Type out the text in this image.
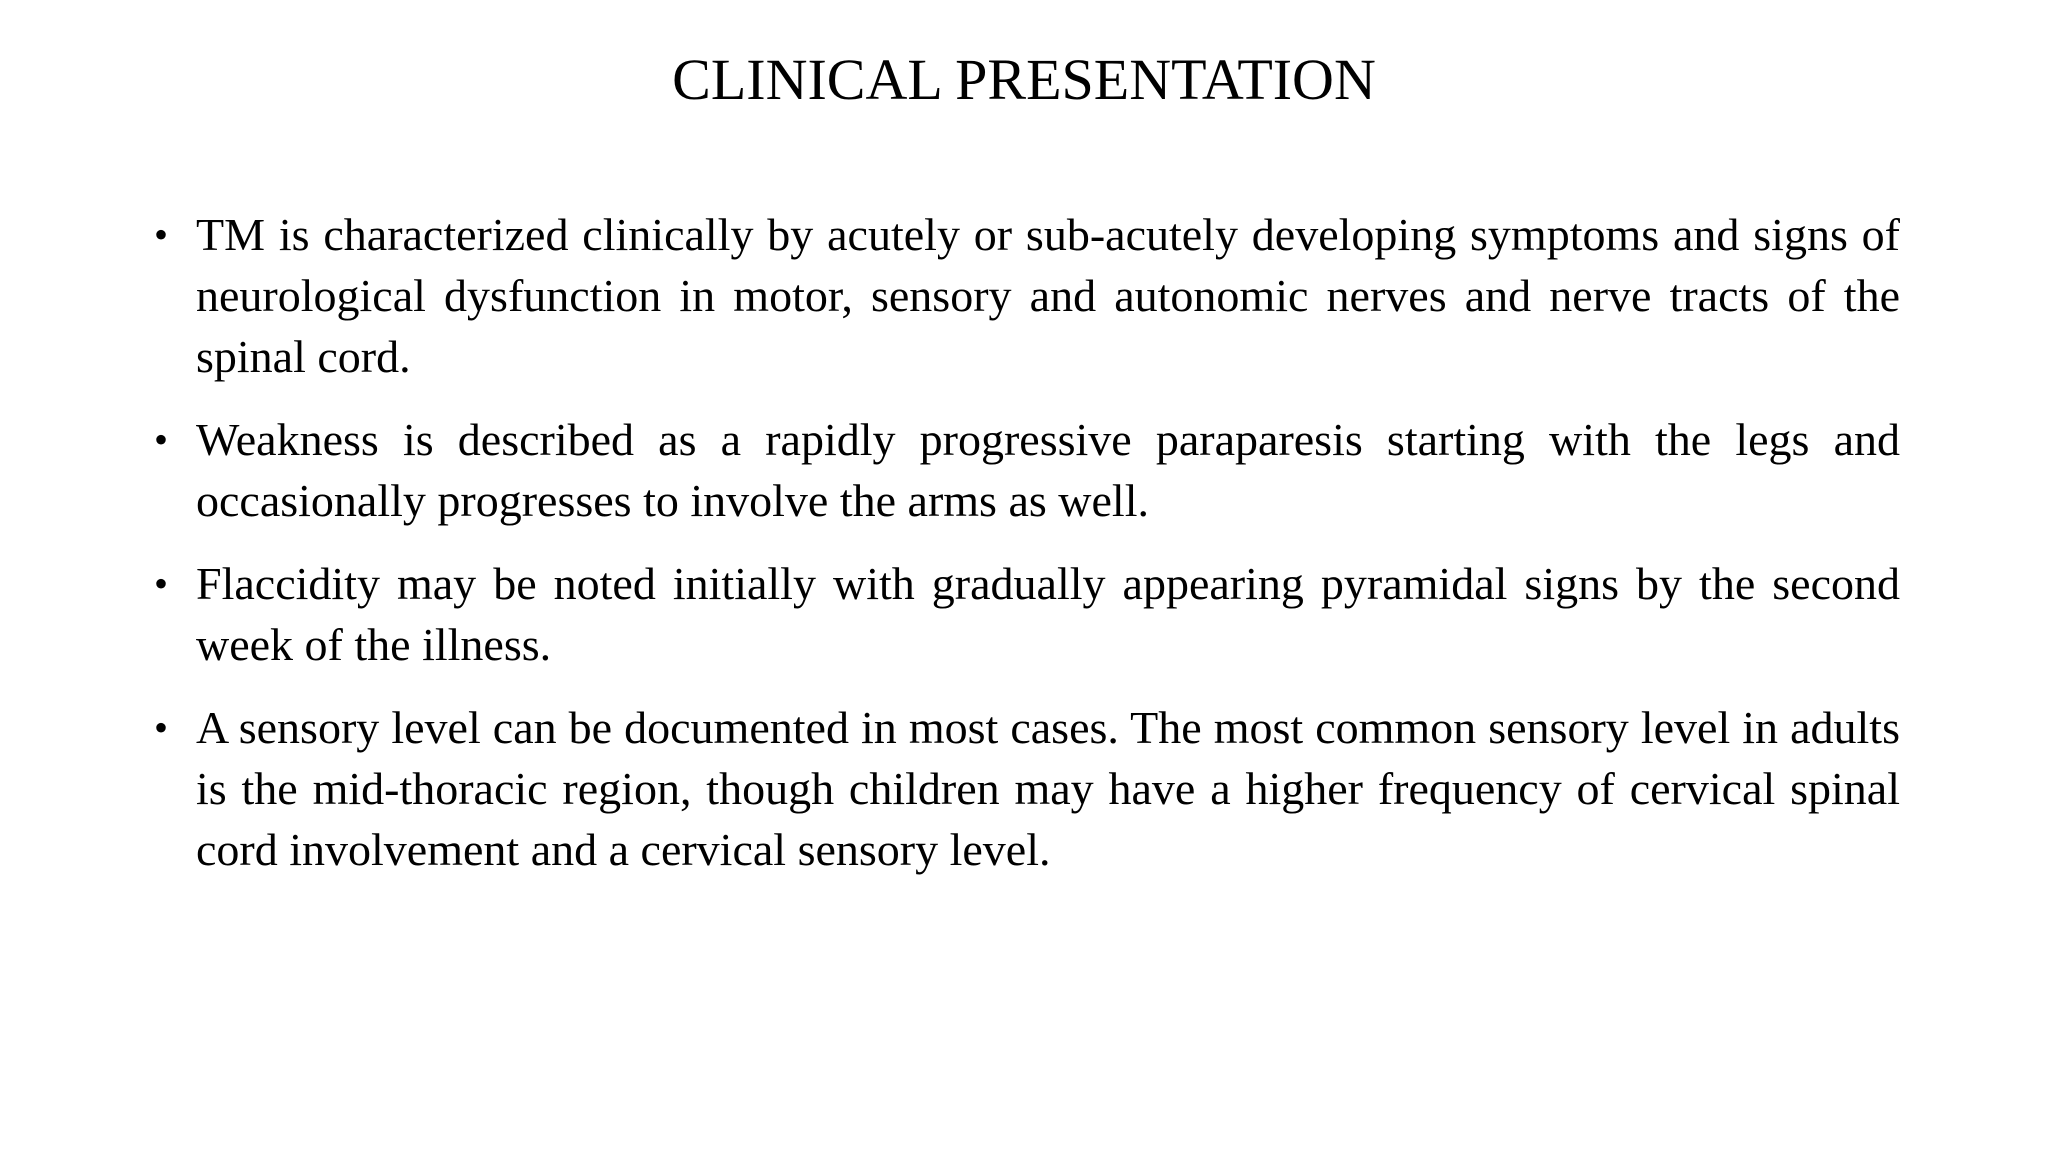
CLINICAL PRESENTATION
• TM is characterized clinically by acutely or sub-acutely developing symptoms and signs of neurological dysfunction in motor, sensory and autonomic nerves and nerve tracts of the spinal cord.
• Weakness is described as a rapidly progressive paraparesis starting with the legs and occasionally progresses to involve the arms as well.
• Flaccidity may be noted initially with gradually appearing pyramidal signs by the second week of the illness.
• A sensory level can be documented in most cases. The most common sensory level in adults is the mid-thoracic region, though children may have a higher frequency of cervical spinal cord involvement and a cervical sensory level.
